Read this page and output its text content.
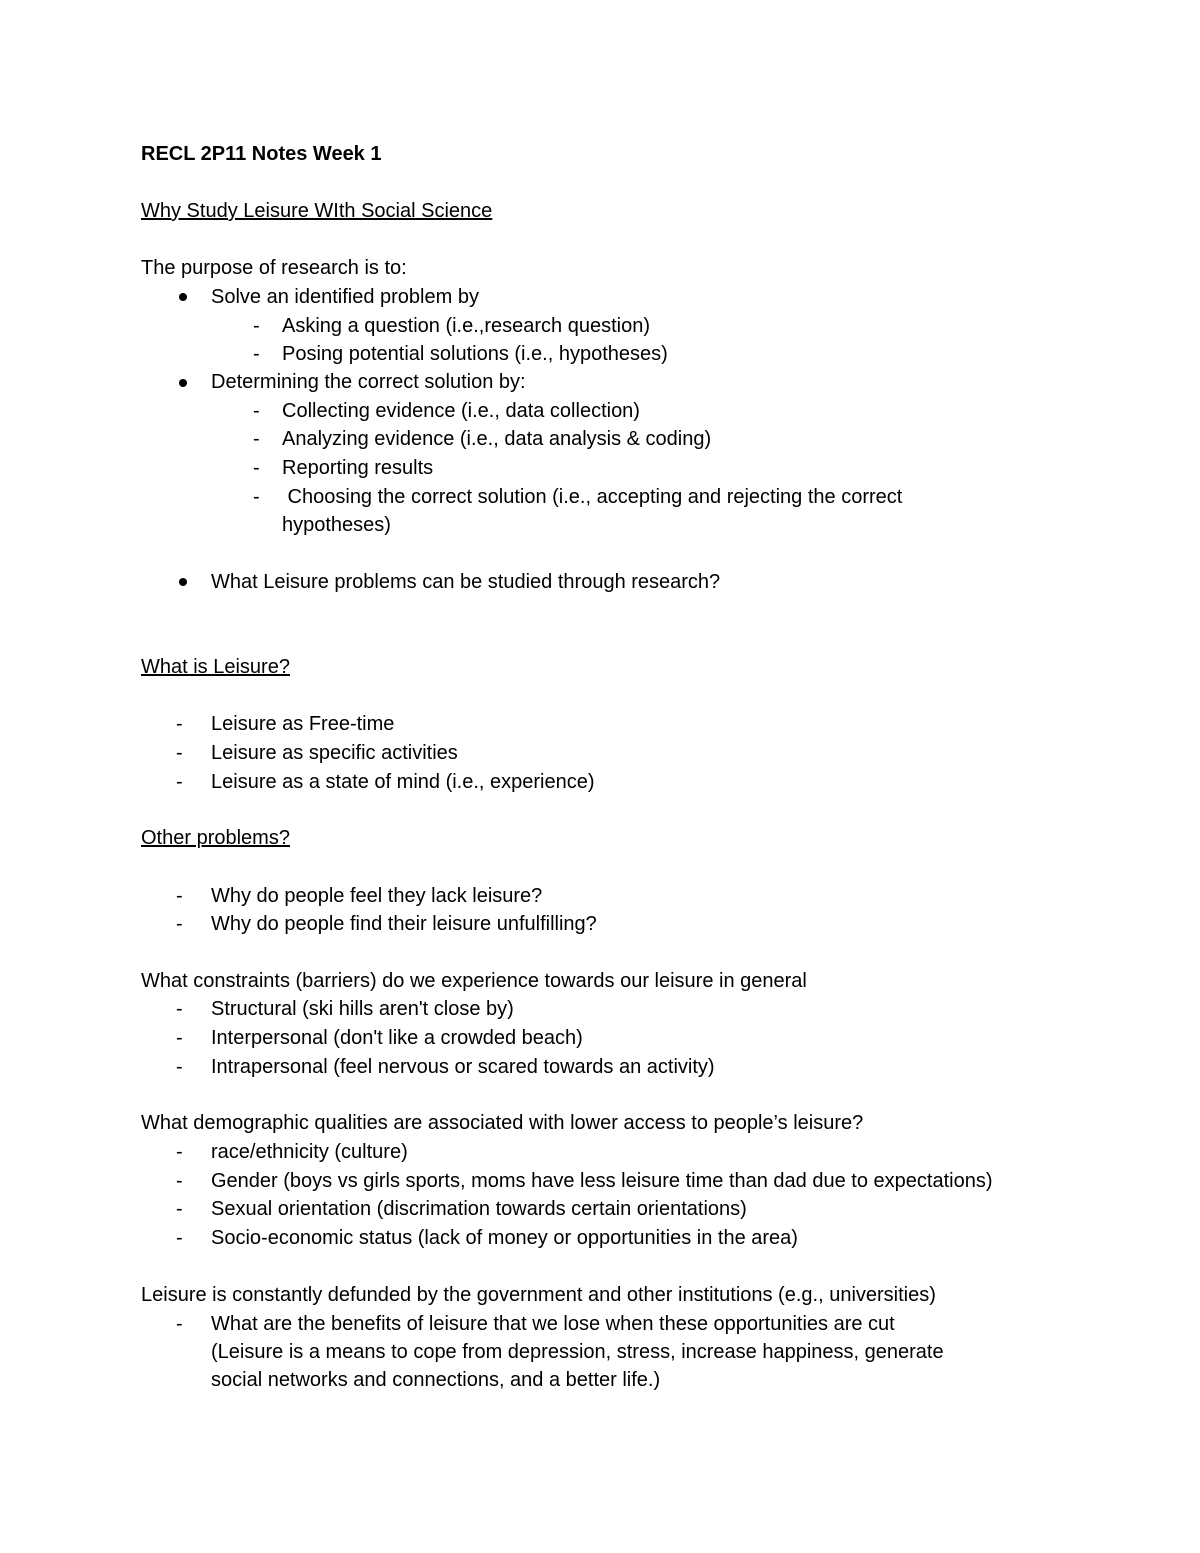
RECL 2P11 Notes Week 1
Why Study Leisure WIth Social Science
The purpose of research is to:
Solve an identified problem by
- Asking a question (i.e.,research question)
- Posing potential solutions (i.e., hypotheses)
Determining the correct solution by:
- Collecting evidence (i.e., data collection)
- Analyzing evidence (i.e., data analysis & coding)
- Reporting results
- Choosing the correct solution (i.e., accepting and rejecting the correct
hypotheses)
What Leisure problems can be studied through research?
What is Leisure?
- Leisure as Free-time
- Leisure as specific activities
- Leisure as a state of mind (i.e., experience)
Other problems?
- Why do people feel they lack leisure?
- Why do people find their leisure unfulfilling?
What constraints (barriers) do we experience towards our leisure in general
- Structural (ski hills aren't close by)
- Interpersonal (don't like a crowded beach)
- Intrapersonal (feel nervous or scared towards an activity)
What demographic qualities are associated with lower access to people’s leisure?
- race/ethnicity (culture)
- Gender (boys vs girls sports, moms have less leisure time than dad due to expectations)
- Sexual orientation (discrimation towards certain orientations)
- Socio-economic status (lack of money or opportunities in the area)
Leisure is constantly defunded by the government and other institutions (e.g., universities)
- What are the benefits of leisure that we lose when these opportunities are cut
(Leisure is a means to cope from depression, stress, increase happiness, generate
social networks and connections, and a better life.)
